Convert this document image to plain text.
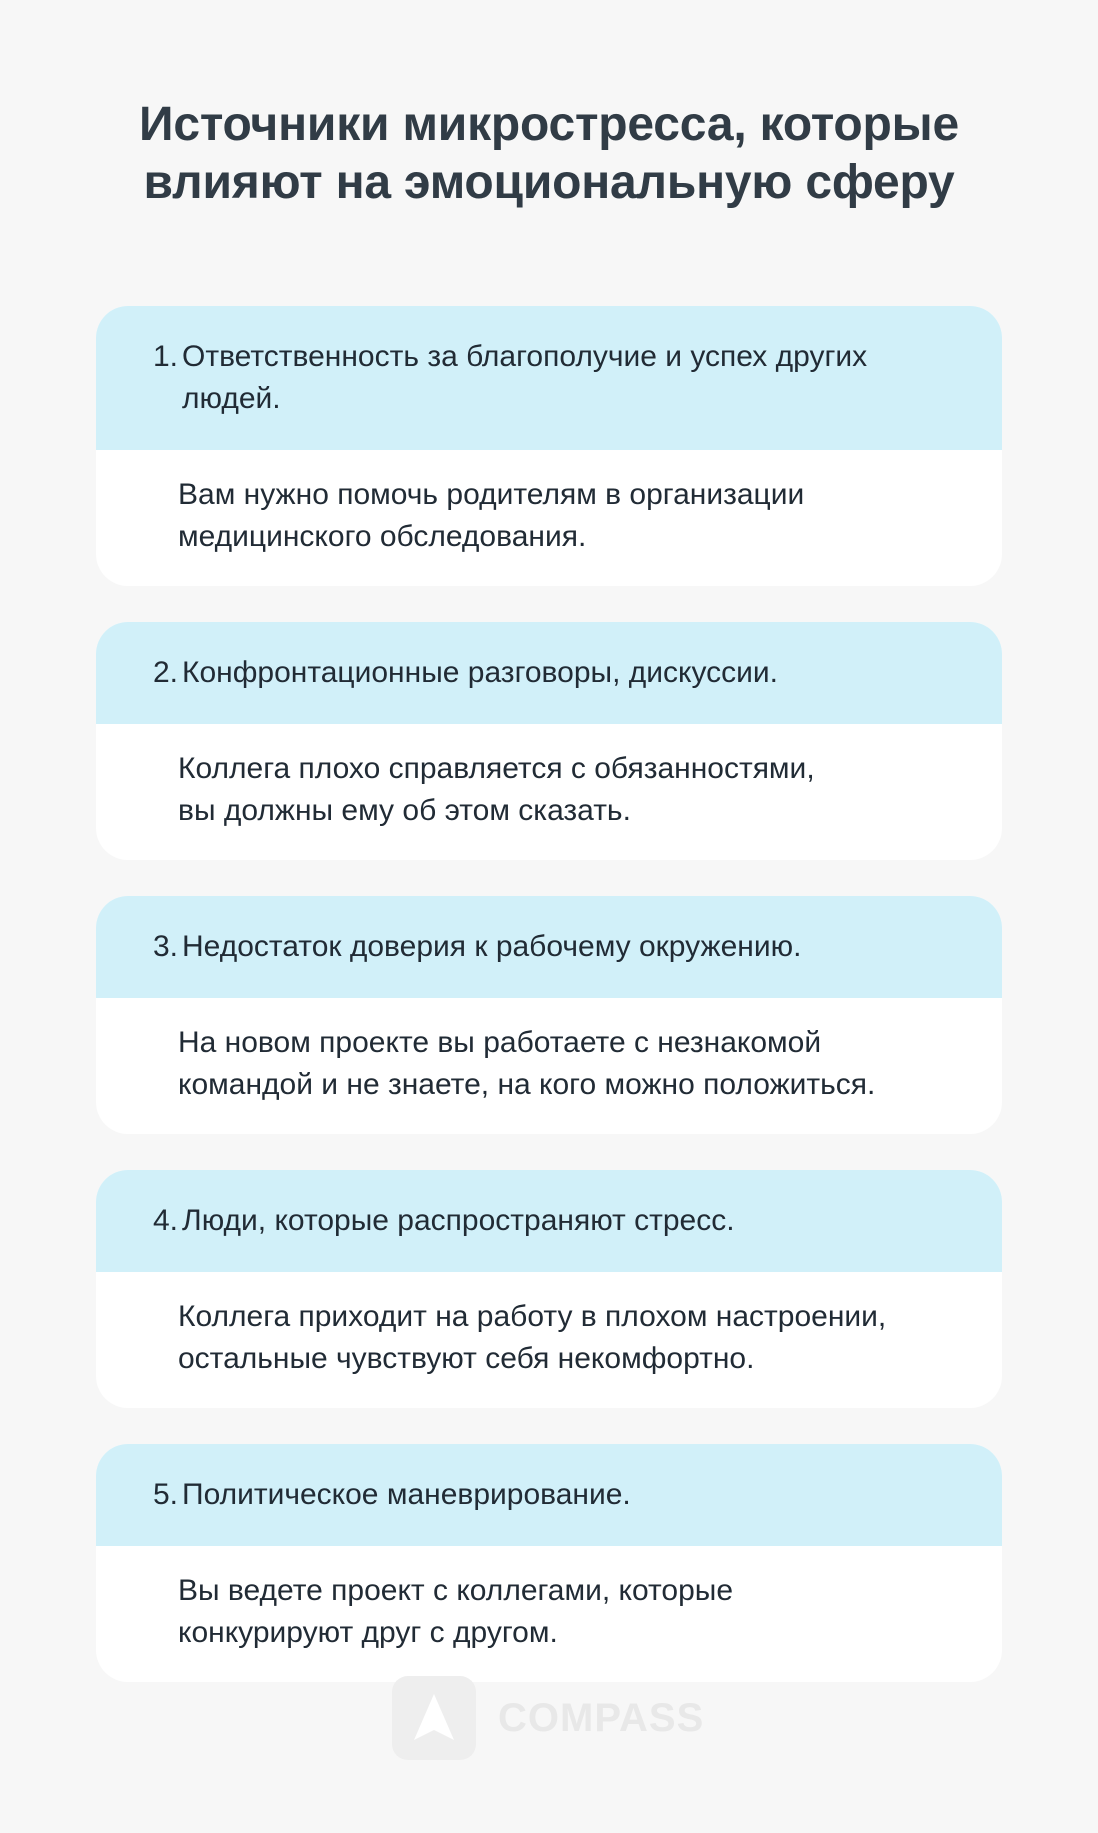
Источники микростресса, которые
влияют на эмоциональную сферу
1. Ответственность за благополучие и успех других людей.
Вам нужно помочь родителям в организации
медицинского обследования.
2. Конфронтационные разговоры, дискуссии.
Коллега плохо справляется с обязанностями,
вы должны ему об этом сказать.
3. Недостаток доверия к рабочему окружению.
На новом проекте вы работаете с незнакомой
командой и не знаете, на кого можно положиться.
4. Люди, которые распространяют стресс.
Коллега приходит на работу в плохом настроении,
остальные чувствуют себя некомфортно.
5. Политическое маневрирование.
Вы ведете проект с коллегами, которые
конкурируют друг с другом.
COMPASS
